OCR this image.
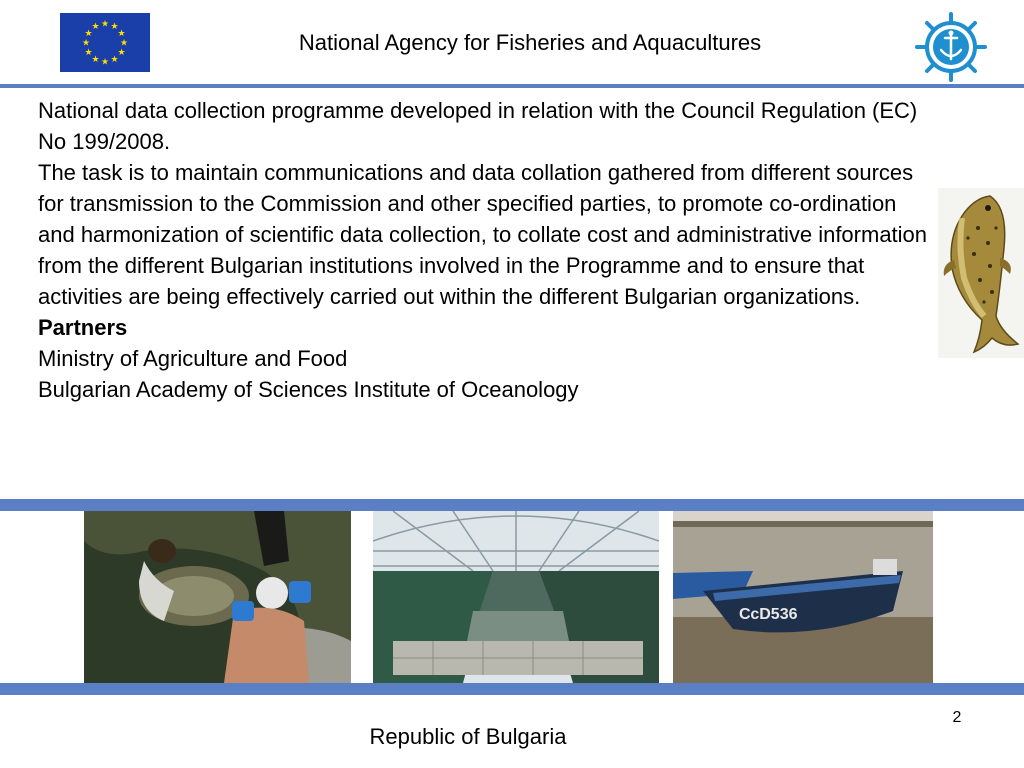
★ ★
★
★
★
★
★
★
★
★
★
★
National Agency for Fisheries and Aquacultures

National data collection programme developed in relation with the Council Regulation (EC) No 199/2008.

The task is to maintain communications and data collation gathered from different sources for transmission to the Commission and other specified parties, to promote co-ordination and harmonization of scientific data collection, to collate cost and administrative information from the different Bulgarian institutions involved in the Programme and to ensure that activities are being effectively carried out within the different Bulgarian organizations.

Partners

Ministry of Agriculture and Food

Bulgarian Academy of Sciences Institute of Oceanology

СсD536
Republic of Bulgaria
2
